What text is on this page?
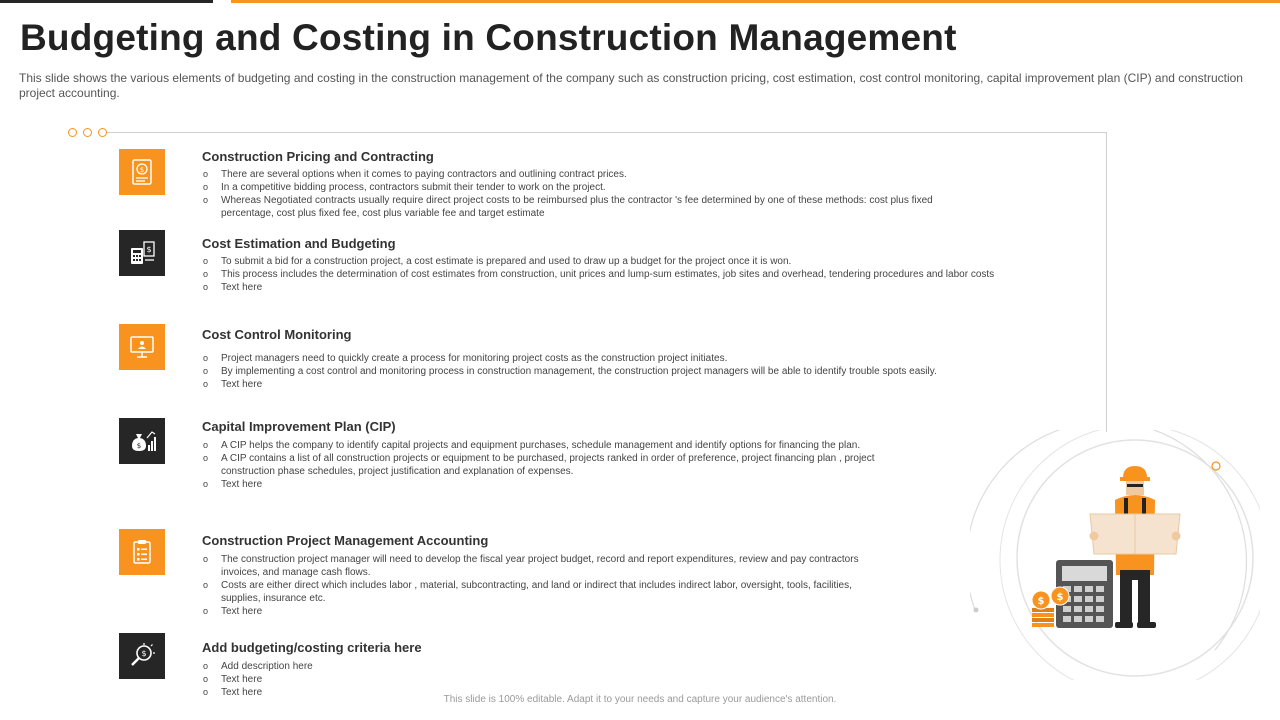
Budgeting and Costing in Construction Management

This slide shows the various elements of budgeting and costing in the construction management of the company such as construction pricing, cost estimation, cost control monitoring, capital improvement plan (CIP) and construction project accounting.

$
Construction Pricing and Contracting
o There are several options when it comes to paying contractors and outlining contract prices.
o In a competitive bidding process, contractors submit their tender to work on the project.
o Whereas Negotiated contracts usually require direct project costs to be reimbursed plus the contractor 's fee determined by one of these methods: cost plus fixed percentage, cost plus fixed fee, cost plus variable fee and target estimate
$	Cost Estimation and Budgeting
o To submit a bid for a construction project, a cost estimate is prepared and used to draw up a budget for the project once it is won.
o This process includes the determination of cost estimates from construction, unit prices and lump-sum estimates, job sites and overhead, tendering procedures and labor costs
o Text here
Cost Control Monitoring
o Project managers need to quickly create a process for monitoring project costs as the construction project initiates.
o By implementing a cost control and monitoring process in construction management, the construction project managers will be able to identify trouble spots easily.
o Text here
$
Capital Improvement Plan (CIP)
o A CIP helps the company to identify capital projects and equipment purchases, schedule management and identify options for financing the plan.
o A CIP contains a list of all construction projects or equipment to be purchased, projects ranked in order of preference, project financing plan , project construction phase schedules, project justification and explanation of expenses.
o Text here
Construction Project Management Accounting
o The construction project manager will need to develop the fiscal year project budget, record and report expenditures, review and pay contractors invoices, and manage cash flows.
o Costs are either direct which includes labor , material, subcontracting, and land or indirect that includes indirect labor, oversight, tools, facilities, supplies, insurance etc.
o Text here
$	Add budgeting/costing criteria here
o Add description here
o Text here
o Text here
$ $
This slide is 100% editable. Adapt it to your needs and capture your audience's attention.
